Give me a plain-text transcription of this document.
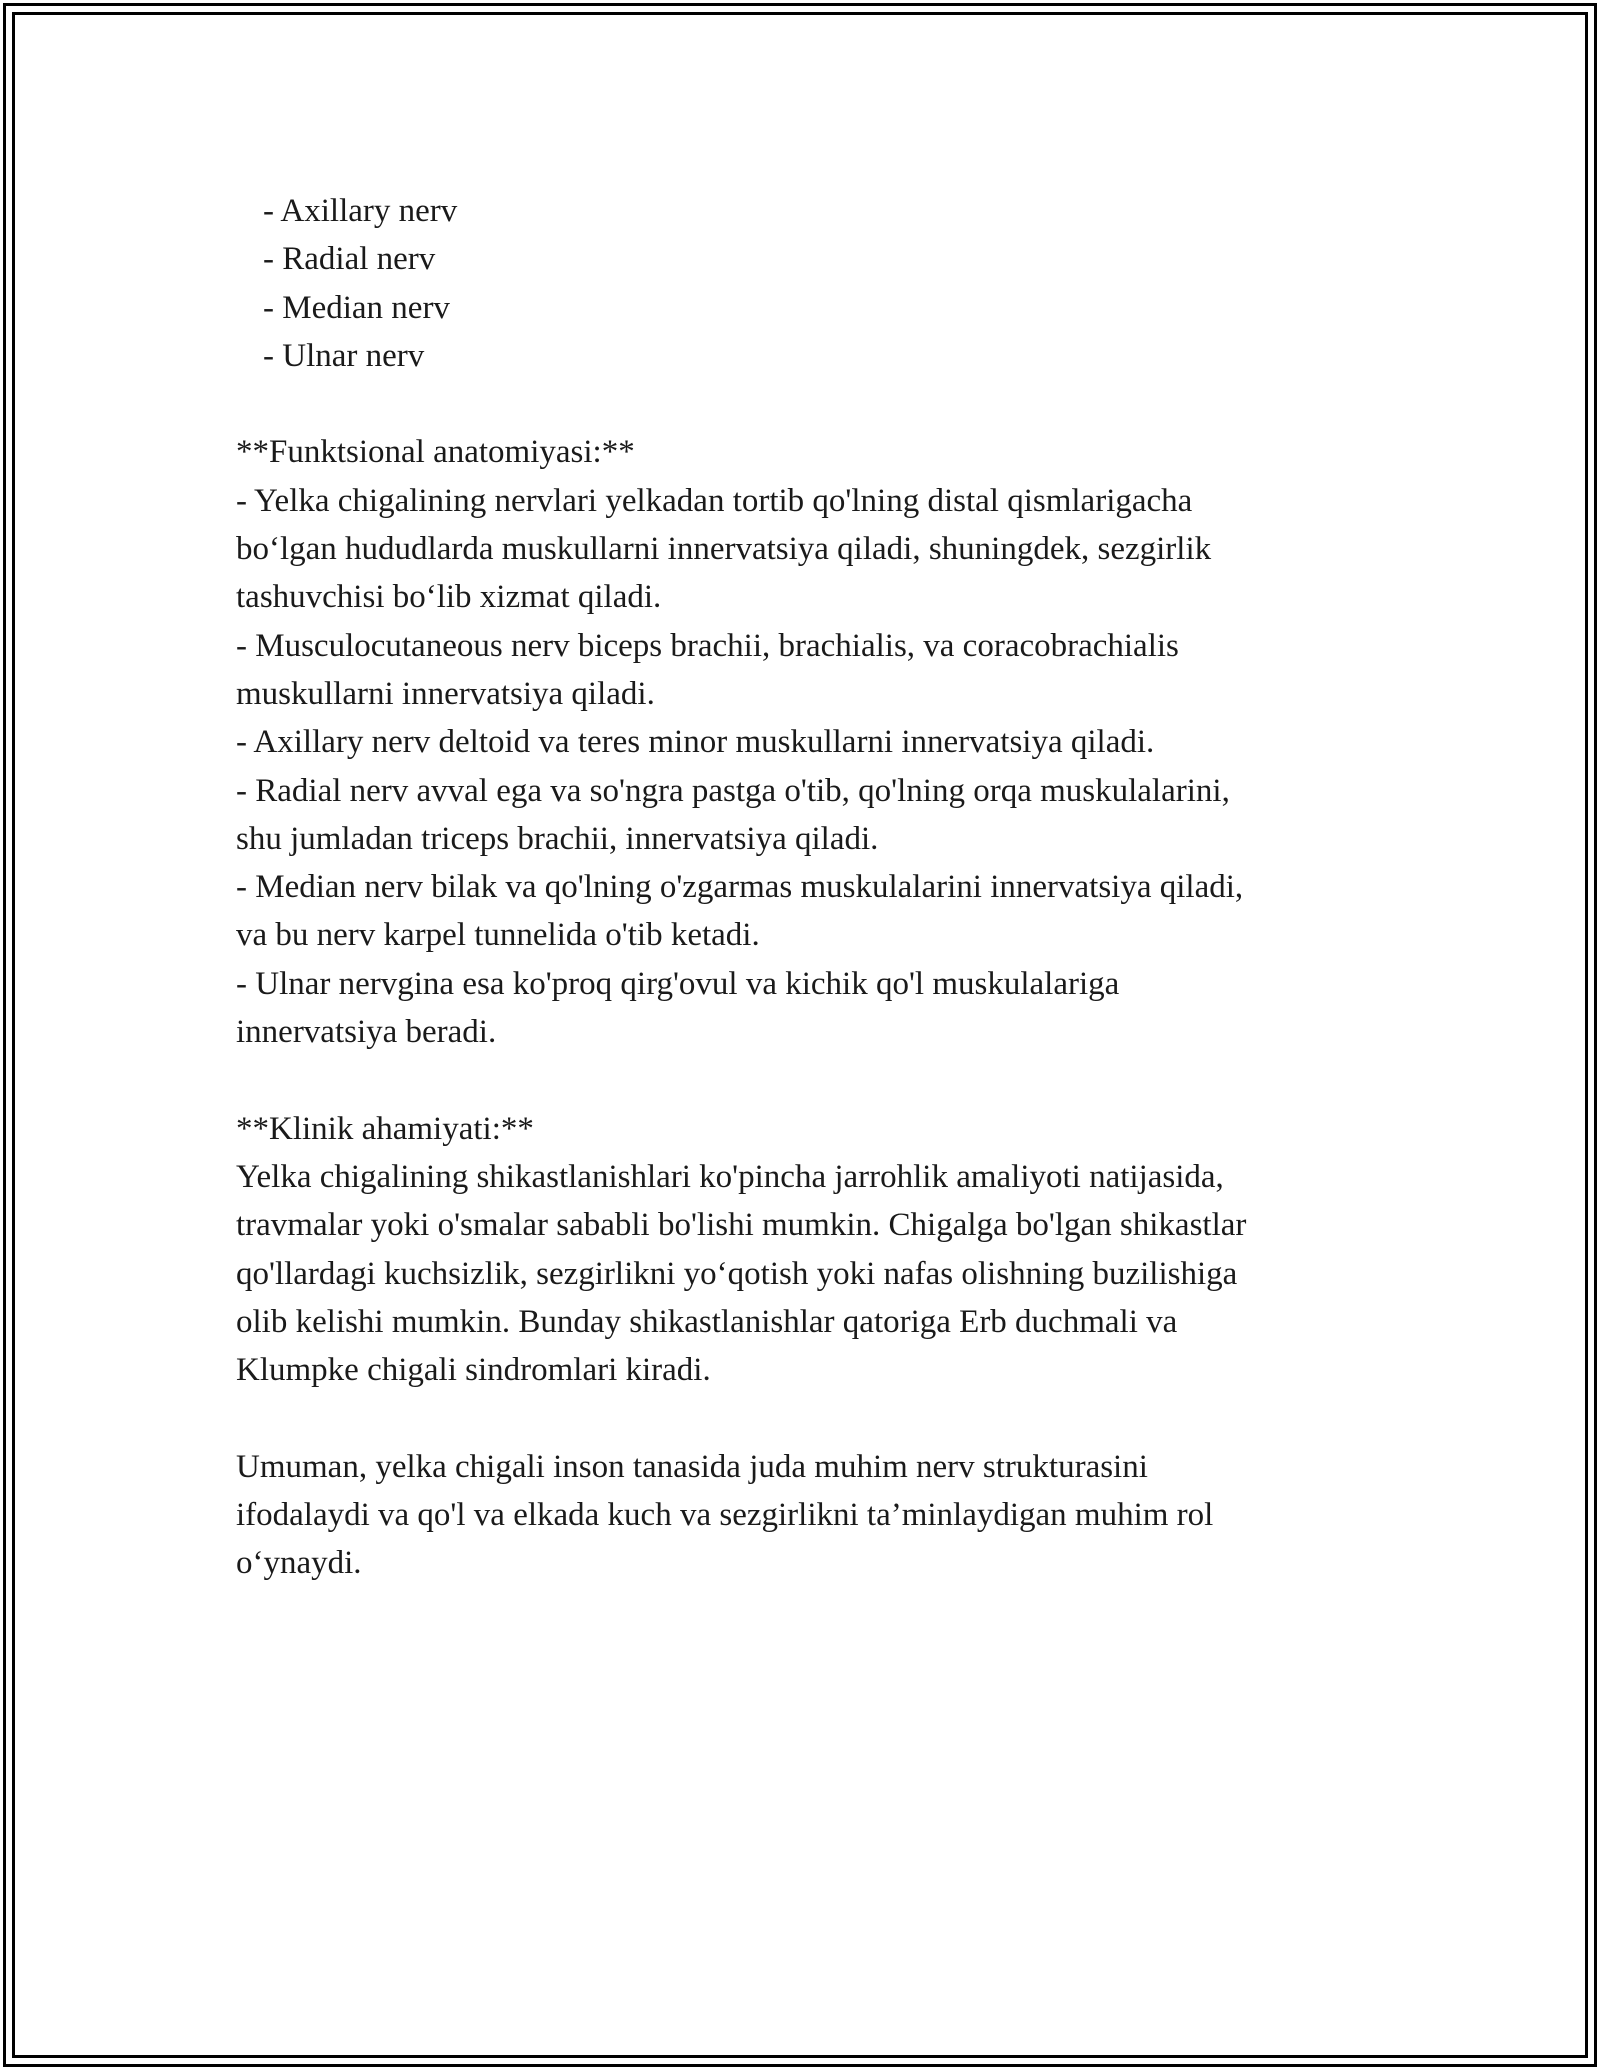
- Axillary nerv

- Radial nerv

- Median nerv

- Ulnar nerv

**Funktsional anatomiyasi:**

- Yelka chigalining nervlari yelkadan tortib qo'lning distal qismlarigacha

bo‘lgan hududlarda muskullarni innervatsiya qiladi, shuningdek, sezgirlik

tashuvchisi bo‘lib xizmat qiladi.

- Musculocutaneous nerv biceps brachii, brachialis, va coracobrachialis

muskullarni innervatsiya qiladi.

- Axillary nerv deltoid va teres minor muskullarni innervatsiya qiladi.

- Radial nerv avval ega va so'ngra pastga o'tib, qo'lning orqa muskulalarini,

shu jumladan triceps brachii, innervatsiya qiladi.

- Median nerv bilak va qo'lning o'zgarmas muskulalarini innervatsiya qiladi,

va bu nerv karpel tunnelida o'tib ketadi.

- Ulnar nervgina esa ko'proq qirg'ovul va kichik qo'l muskulalariga

innervatsiya beradi.

**Klinik ahamiyati:**

Yelka chigalining shikastlanishlari ko'pincha jarrohlik amaliyoti natijasida,

travmalar yoki o'smalar sababli bo'lishi mumkin. Chigalga bo'lgan shikastlar

qo'llardagi kuchsizlik, sezgirlikni yo‘qotish yoki nafas olishning buzilishiga

olib kelishi mumkin. Bunday shikastlanishlar qatoriga Erb duchmali va

Klumpke chigali sindromlari kiradi.

Umuman, yelka chigali inson tanasida juda muhim nerv strukturasini

ifodalaydi va qo'l va elkada kuch va sezgirlikni ta’minlaydigan muhim rol

o‘ynaydi.
